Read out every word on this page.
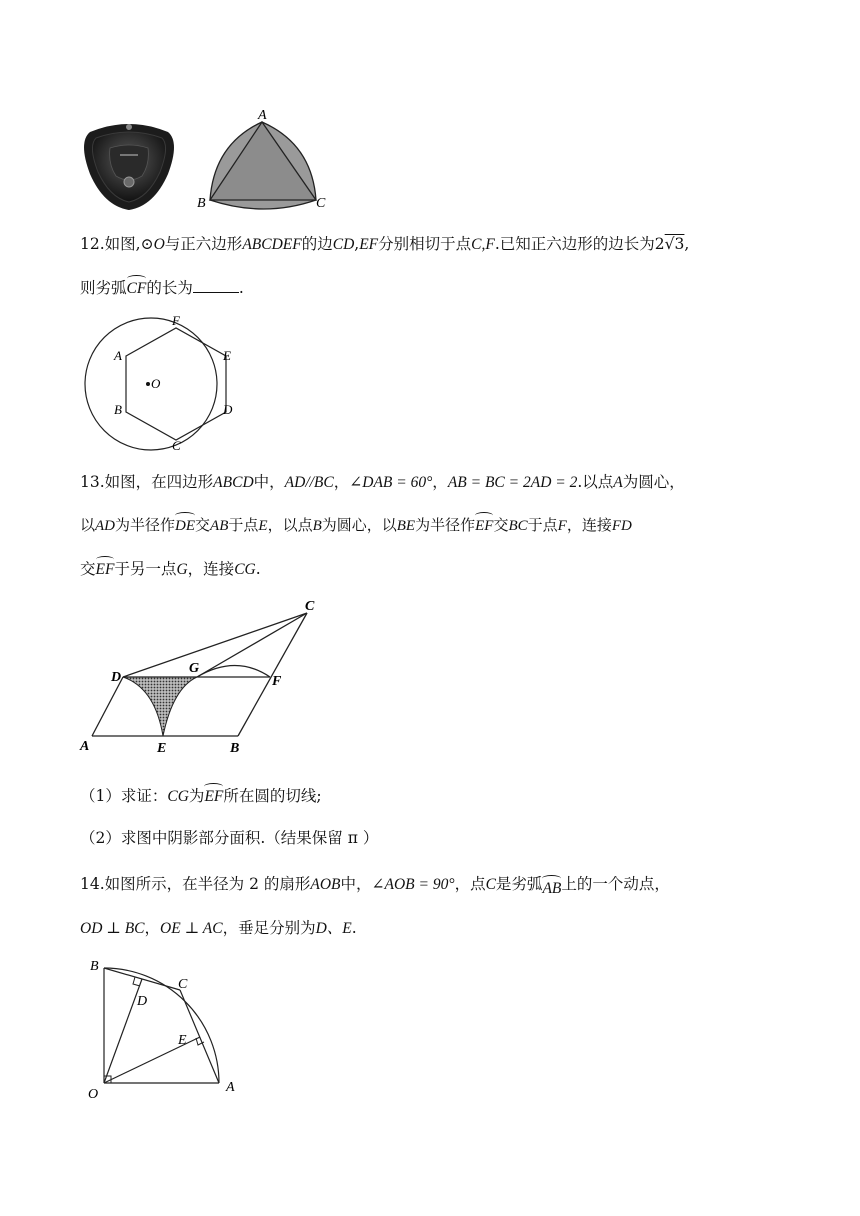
A
B	C
12.如图,⊙O与正六边形ABCDEF的边CD,EF分别相切于点C,F.已知正六边形的边长为2√3,
则劣弧CF的长为	.
F
A	E
O
B	D
C
13.如图，在四边形ABCD中，AD//BC，∠DAB = 60°，AB = BC = 2AD = 2.以点A为圆心，
以AD为半径作DE交AB于点E，以点B为圆心，以BE为半径作EF交BC于点F，连接FD
交EF于另一点G，连接CG.
C
D
G
F
A	E	B
（1）求证：CG为EF所在圆的切线;
（2）求图中阴影部分面积.（结果保留 π ）
14.如图所示，在半径为 2 的扇形AOB中，∠AOB = 90°，点C是劣弧AB上的一个动点，
OD ⊥ BC，OE ⊥ AC，垂足分别为D、E.
B
D
C
E
O	A
